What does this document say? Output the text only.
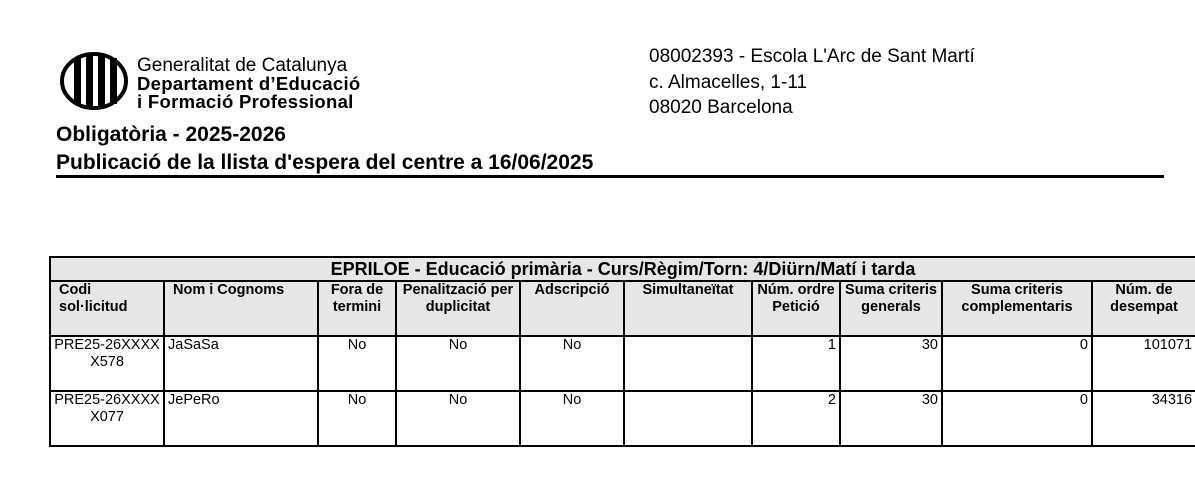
Generalitat de Catalunya
Departament d’Educació
i Formació Professional
08002393 - Escola L'Arc de Sant Martí
c. Almacelles, 1-11
08020 Barcelona
Obligatòria - 2025-2026
Publicació de la llista d'espera del centre a 16/06/2025
EPRILOE - Educació primària - Curs/Règim/Torn: 4/Diürn/Matí i tarda									
Codi sol·licitud	Nom i Cognoms	Fora de termini	Penalització per duplicitat	Adscripció	Simultaneïtat	Núm. ordre Petició	Suma criteris generals	Suma criteris complementaris	Núm. de desempat
PRE25-26XXXXX578	JaSaSa	No	No	No		1	30	0	101071
PRE25-26XXXXX077	JePeRo	No	No	No		2	30	0	34316
